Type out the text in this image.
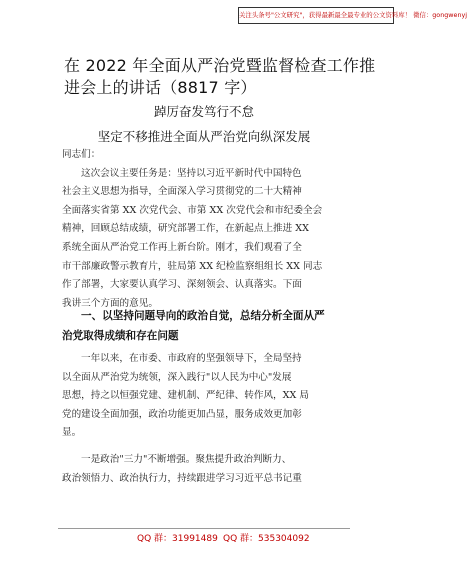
关注头条号"公文研究"，获得最新最全最专业的公文资料库！ 微信：gongwenyj
在 2022 年全面从严治党暨监督检查工作推
进会上的讲话（8817 字）
踔厉奋发笃行不怠
坚定不移推进全面从严治党向纵深发展
同志们：
这次会议主要任务是：坚持以习近平新时代中国特色
社会主义思想为指导，全面深入学习贯彻党的二十大精神
全面落实省第 XX 次党代会、市第 XX 次党代会和市纪委全会
精神，回顾总结成绩，研究部署工作，在新起点上推进 XX
系统全面从严治党工作再上新台阶。刚才，我们观看了全
市干部廉政警示教育片，驻局第 XX 纪检监察组组长 XX 同志
作了部署，大家要认真学习、深刻领会、认真落实。下面
我讲三个方面的意见。
一、以坚持问题导向的政治自觉，总结分析全面从严
治党取得成绩和存在问题
一年以来，在市委、市政府的坚强领导下，全局坚持
以全面从严治党为统领，深入践行"以人民为中心"发展
思想，持之以恒强党建、建机制、严纪律、转作风，XX 局
党的建设全面加强，政治功能更加凸显，服务成效更加彰
显。
一是政治"三力"不断增强。聚焦提升政治判断力、
政治领悟力、政治执行力，持续跟进学习习近平总书记重
QQ 群：31991489 QQ 群：535304092
